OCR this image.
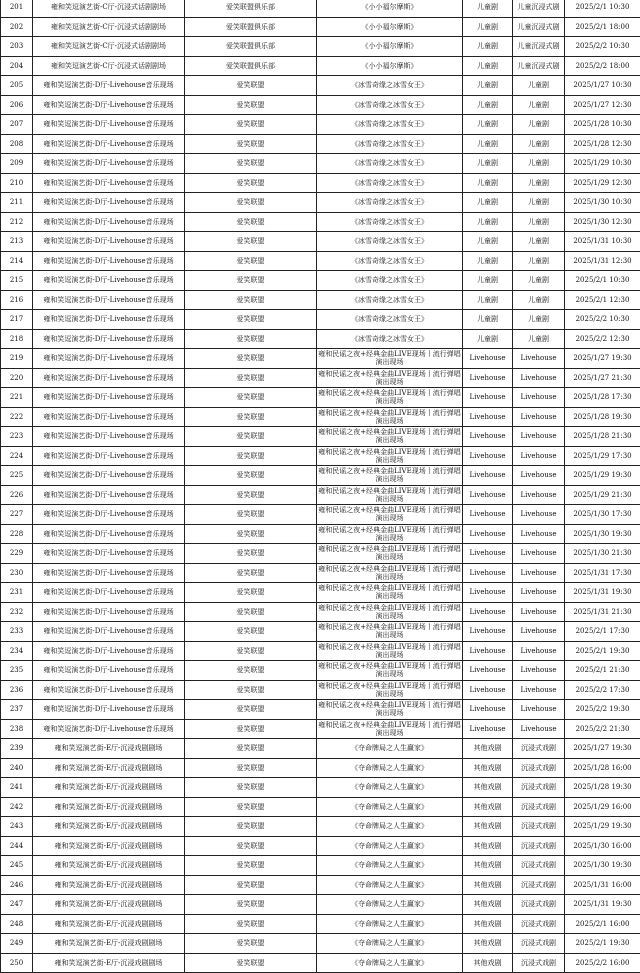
201	雍和笑逗演艺街-C厅-沉浸式话剧剧场	爱笑联盟俱乐部	《小小福尔摩斯》	儿童剧	儿童沉浸式剧	2025/2/1 10:30
202	雍和笑逗演艺街-C厅-沉浸式话剧剧场	爱笑联盟俱乐部	《小小福尔摩斯》	儿童剧	儿童沉浸式剧	2025/2/1 18:00
203	雍和笑逗演艺街-C厅-沉浸式话剧剧场	爱笑联盟俱乐部	《小小福尔摩斯》	儿童剧	儿童沉浸式剧	2025/2/2 10:30
204	雍和笑逗演艺街-C厅-沉浸式话剧剧场	爱笑联盟俱乐部	《小小福尔摩斯》	儿童剧	儿童沉浸式剧	2025/2/2 18:00
205	雍和笑逗演艺街-D厅-Livehouse音乐现场	爱笑联盟	《冰雪奇缘之冰雪女王》	儿童剧	儿童剧	2025/1/27 10:30
206	雍和笑逗演艺街-D厅-Livehouse音乐现场	爱笑联盟	《冰雪奇缘之冰雪女王》	儿童剧	儿童剧	2025/1/27 12:30
207	雍和笑逗演艺街-D厅-Livehouse音乐现场	爱笑联盟	《冰雪奇缘之冰雪女王》	儿童剧	儿童剧	2025/1/28 10:30
208	雍和笑逗演艺街-D厅-Livehouse音乐现场	爱笑联盟	《冰雪奇缘之冰雪女王》	儿童剧	儿童剧	2025/1/28 12:30
209	雍和笑逗演艺街-D厅-Livehouse音乐现场	爱笑联盟	《冰雪奇缘之冰雪女王》	儿童剧	儿童剧	2025/1/29 10:30
210	雍和笑逗演艺街-D厅-Livehouse音乐现场	爱笑联盟	《冰雪奇缘之冰雪女王》	儿童剧	儿童剧	2025/1/29 12:30
211	雍和笑逗演艺街-D厅-Livehouse音乐现场	爱笑联盟	《冰雪奇缘之冰雪女王》	儿童剧	儿童剧	2025/1/30 10:30
212	雍和笑逗演艺街-D厅-Livehouse音乐现场	爱笑联盟	《冰雪奇缘之冰雪女王》	儿童剧	儿童剧	2025/1/30 12:30
213	雍和笑逗演艺街-D厅-Livehouse音乐现场	爱笑联盟	《冰雪奇缘之冰雪女王》	儿童剧	儿童剧	2025/1/31 10:30
214	雍和笑逗演艺街-D厅-Livehouse音乐现场	爱笑联盟	《冰雪奇缘之冰雪女王》	儿童剧	儿童剧	2025/1/31 12:30
215	雍和笑逗演艺街-D厅-Livehouse音乐现场	爱笑联盟	《冰雪奇缘之冰雪女王》	儿童剧	儿童剧	2025/2/1 10:30
216	雍和笑逗演艺街-D厅-Livehouse音乐现场	爱笑联盟	《冰雪奇缘之冰雪女王》	儿童剧	儿童剧	2025/2/1 12:30
217	雍和笑逗演艺街-D厅-Livehouse音乐现场	爱笑联盟	《冰雪奇缘之冰雪女王》	儿童剧	儿童剧	2025/2/2 10:30
218	雍和笑逗演艺街-D厅-Livehouse音乐现场	爱笑联盟	《冰雪奇缘之冰雪女王》	儿童剧	儿童剧	2025/2/2 12:30
219	雍和笑逗演艺街-D厅-Livehouse音乐现场	爱笑联盟	雍和民谣之夜+经典金曲LIVE现场丨流行弹唱演出现场	Livehouse	Livehouse	2025/1/27 19:30
220	雍和笑逗演艺街-D厅-Livehouse音乐现场	爱笑联盟	雍和民谣之夜+经典金曲LIVE现场丨流行弹唱演出现场	Livehouse	Livehouse	2025/1/27 21:30
221	雍和笑逗演艺街-D厅-Livehouse音乐现场	爱笑联盟	雍和民谣之夜+经典金曲LIVE现场丨流行弹唱演出现场	Livehouse	Livehouse	2025/1/28 17:30
222	雍和笑逗演艺街-D厅-Livehouse音乐现场	爱笑联盟	雍和民谣之夜+经典金曲LIVE现场丨流行弹唱演出现场	Livehouse	Livehouse	2025/1/28 19:30
223	雍和笑逗演艺街-D厅-Livehouse音乐现场	爱笑联盟	雍和民谣之夜+经典金曲LIVE现场丨流行弹唱演出现场	Livehouse	Livehouse	2025/1/28 21:30
224	雍和笑逗演艺街-D厅-Livehouse音乐现场	爱笑联盟	雍和民谣之夜+经典金曲LIVE现场丨流行弹唱演出现场	Livehouse	Livehouse	2025/1/29 17:30
225	雍和笑逗演艺街-D厅-Livehouse音乐现场	爱笑联盟	雍和民谣之夜+经典金曲LIVE现场丨流行弹唱演出现场	Livehouse	Livehouse	2025/1/29 19:30
226	雍和笑逗演艺街-D厅-Livehouse音乐现场	爱笑联盟	雍和民谣之夜+经典金曲LIVE现场丨流行弹唱演出现场	Livehouse	Livehouse	2025/1/29 21:30
227	雍和笑逗演艺街-D厅-Livehouse音乐现场	爱笑联盟	雍和民谣之夜+经典金曲LIVE现场丨流行弹唱演出现场	Livehouse	Livehouse	2025/1/30 17:30
228	雍和笑逗演艺街-D厅-Livehouse音乐现场	爱笑联盟	雍和民谣之夜+经典金曲LIVE现场丨流行弹唱演出现场	Livehouse	Livehouse	2025/1/30 19:30
229	雍和笑逗演艺街-D厅-Livehouse音乐现场	爱笑联盟	雍和民谣之夜+经典金曲LIVE现场丨流行弹唱演出现场	Livehouse	Livehouse	2025/1/30 21:30
230	雍和笑逗演艺街-D厅-Livehouse音乐现场	爱笑联盟	雍和民谣之夜+经典金曲LIVE现场丨流行弹唱演出现场	Livehouse	Livehouse	2025/1/31 17:30
231	雍和笑逗演艺街-D厅-Livehouse音乐现场	爱笑联盟	雍和民谣之夜+经典金曲LIVE现场丨流行弹唱演出现场	Livehouse	Livehouse	2025/1/31 19:30
232	雍和笑逗演艺街-D厅-Livehouse音乐现场	爱笑联盟	雍和民谣之夜+经典金曲LIVE现场丨流行弹唱演出现场	Livehouse	Livehouse	2025/1/31 21:30
233	雍和笑逗演艺街-D厅-Livehouse音乐现场	爱笑联盟	雍和民谣之夜+经典金曲LIVE现场丨流行弹唱演出现场	Livehouse	Livehouse	2025/2/1 17:30
234	雍和笑逗演艺街-D厅-Livehouse音乐现场	爱笑联盟	雍和民谣之夜+经典金曲LIVE现场丨流行弹唱演出现场	Livehouse	Livehouse	2025/2/1 19:30
235	雍和笑逗演艺街-D厅-Livehouse音乐现场	爱笑联盟	雍和民谣之夜+经典金曲LIVE现场丨流行弹唱演出现场	Livehouse	Livehouse	2025/2/1 21:30
236	雍和笑逗演艺街-D厅-Livehouse音乐现场	爱笑联盟	雍和民谣之夜+经典金曲LIVE现场丨流行弹唱演出现场	Livehouse	Livehouse	2025/2/2 17:30
237	雍和笑逗演艺街-D厅-Livehouse音乐现场	爱笑联盟	雍和民谣之夜+经典金曲LIVE现场丨流行弹唱演出现场	Livehouse	Livehouse	2025/2/2 19:30
238	雍和笑逗演艺街-D厅-Livehouse音乐现场	爱笑联盟	雍和民谣之夜+经典金曲LIVE现场丨流行弹唱演出现场	Livehouse	Livehouse	2025/2/2 21:30
239	雍和笑逗演艺街-E厅-沉浸戏剧剧场	爱笑联盟	《夺命牌局之人生赢家》	其他戏剧	沉浸式戏剧	2025/1/27 19:30
240	雍和笑逗演艺街-E厅-沉浸戏剧剧场	爱笑联盟	《夺命牌局之人生赢家》	其他戏剧	沉浸式戏剧	2025/1/28 16:00
241	雍和笑逗演艺街-E厅-沉浸戏剧剧场	爱笑联盟	《夺命牌局之人生赢家》	其他戏剧	沉浸式戏剧	2025/1/28 19:30
242	雍和笑逗演艺街-E厅-沉浸戏剧剧场	爱笑联盟	《夺命牌局之人生赢家》	其他戏剧	沉浸式戏剧	2025/1/29 16:00
243	雍和笑逗演艺街-E厅-沉浸戏剧剧场	爱笑联盟	《夺命牌局之人生赢家》	其他戏剧	沉浸式戏剧	2025/1/29 19:30
244	雍和笑逗演艺街-E厅-沉浸戏剧剧场	爱笑联盟	《夺命牌局之人生赢家》	其他戏剧	沉浸式戏剧	2025/1/30 16:00
245	雍和笑逗演艺街-E厅-沉浸戏剧剧场	爱笑联盟	《夺命牌局之人生赢家》	其他戏剧	沉浸式戏剧	2025/1/30 19:30
246	雍和笑逗演艺街-E厅-沉浸戏剧剧场	爱笑联盟	《夺命牌局之人生赢家》	其他戏剧	沉浸式戏剧	2025/1/31 16:00
247	雍和笑逗演艺街-E厅-沉浸戏剧剧场	爱笑联盟	《夺命牌局之人生赢家》	其他戏剧	沉浸式戏剧	2025/1/31 19:30
248	雍和笑逗演艺街-E厅-沉浸戏剧剧场	爱笑联盟	《夺命牌局之人生赢家》	其他戏剧	沉浸式戏剧	2025/2/1 16:00
249	雍和笑逗演艺街-E厅-沉浸戏剧剧场	爱笑联盟	《夺命牌局之人生赢家》	其他戏剧	沉浸式戏剧	2025/2/1 19:30
250	雍和笑逗演艺街-E厅-沉浸戏剧剧场	爱笑联盟	《夺命牌局之人生赢家》	其他戏剧	沉浸式戏剧	2025/2/2 16:00
